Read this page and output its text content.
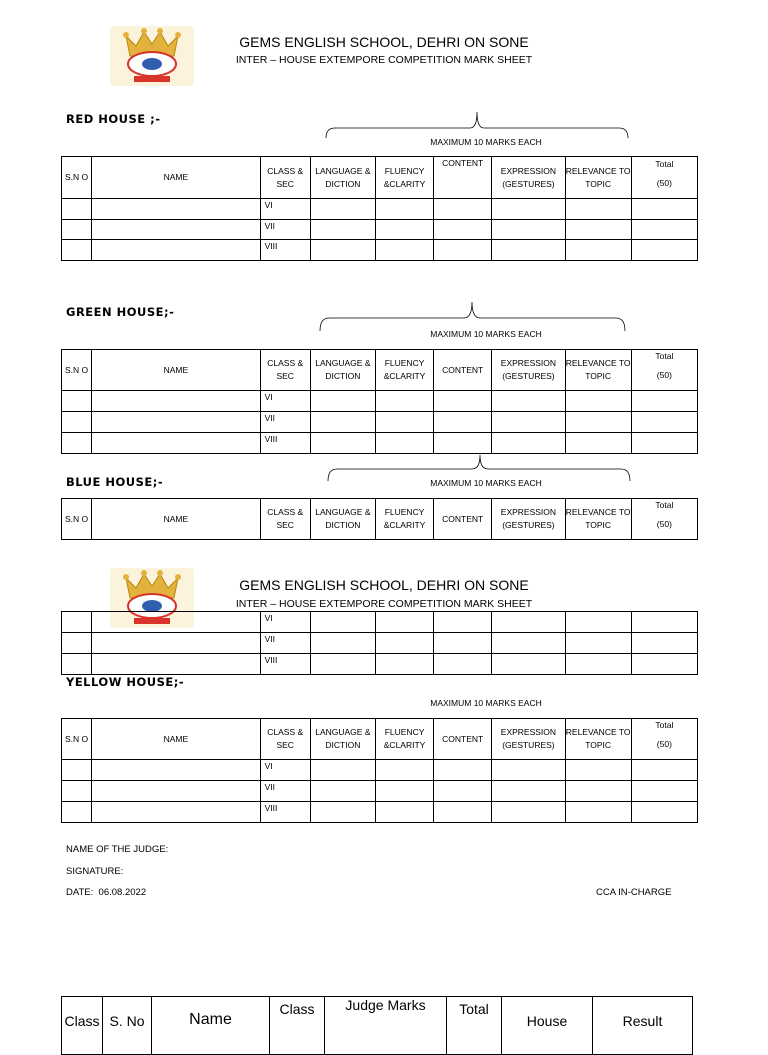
GEMS ENGLISH SCHOOL, DEHRI ON SONE
INTER – HOUSE EXTEMPORE COMPETITION MARK SHEET
RED HOUSE ;-
MAXIMUM 10 MARKS EACH
S.N O	NAME	CLASS & SEC	LANGUAGE & DICTION	FLUENCY &CLARITY	CONTENT	EXPRESSION (GESTURES)	RELEVANCE TO TOPIC	Total
(50)

		VI						
		VII						
		VIII						
GREEN HOUSE;-
MAXIMUM 10 MARKS EACH
S.N O	NAME	CLASS & SEC	LANGUAGE & DICTION	FLUENCY &CLARITY	CONTENT	EXPRESSION (GESTURES)	RELEVANCE TO TOPIC	Total
(50)

		VI						
		VII						
		VIII						
BLUE HOUSE;-	MAXIMUM 10 MARKS EACH
S.N O	NAME	CLASS & SEC	LANGUAGE & DICTION	FLUENCY &CLARITY	CONTENT	EXPRESSION (GESTURES)	RELEVANCE TO TOPIC	
Total
(50)
GEMS ENGLISH SCHOOL, DEHRI ON SONE
INTER – HOUSE EXTEMPORE COMPETITION MARK SHEET
		VI						
		VII						
		VIII						
YELLOW HOUSE;-
MAXIMUM 10 MARKS EACH
S.N O	NAME	CLASS & SEC	LANGUAGE & DICTION	FLUENCY &CLARITY	CONTENT	EXPRESSION (GESTURES)	RELEVANCE TO TOPIC	Total
(50)

		VI						
		VII						
		VIII						
NAME OF THE JUDGE:
SIGNATURE:
DATE:  06.08.2022	CCA IN-CHARGE
Class	S. No	Name	Class	Judge Marks	Total	House	Result
